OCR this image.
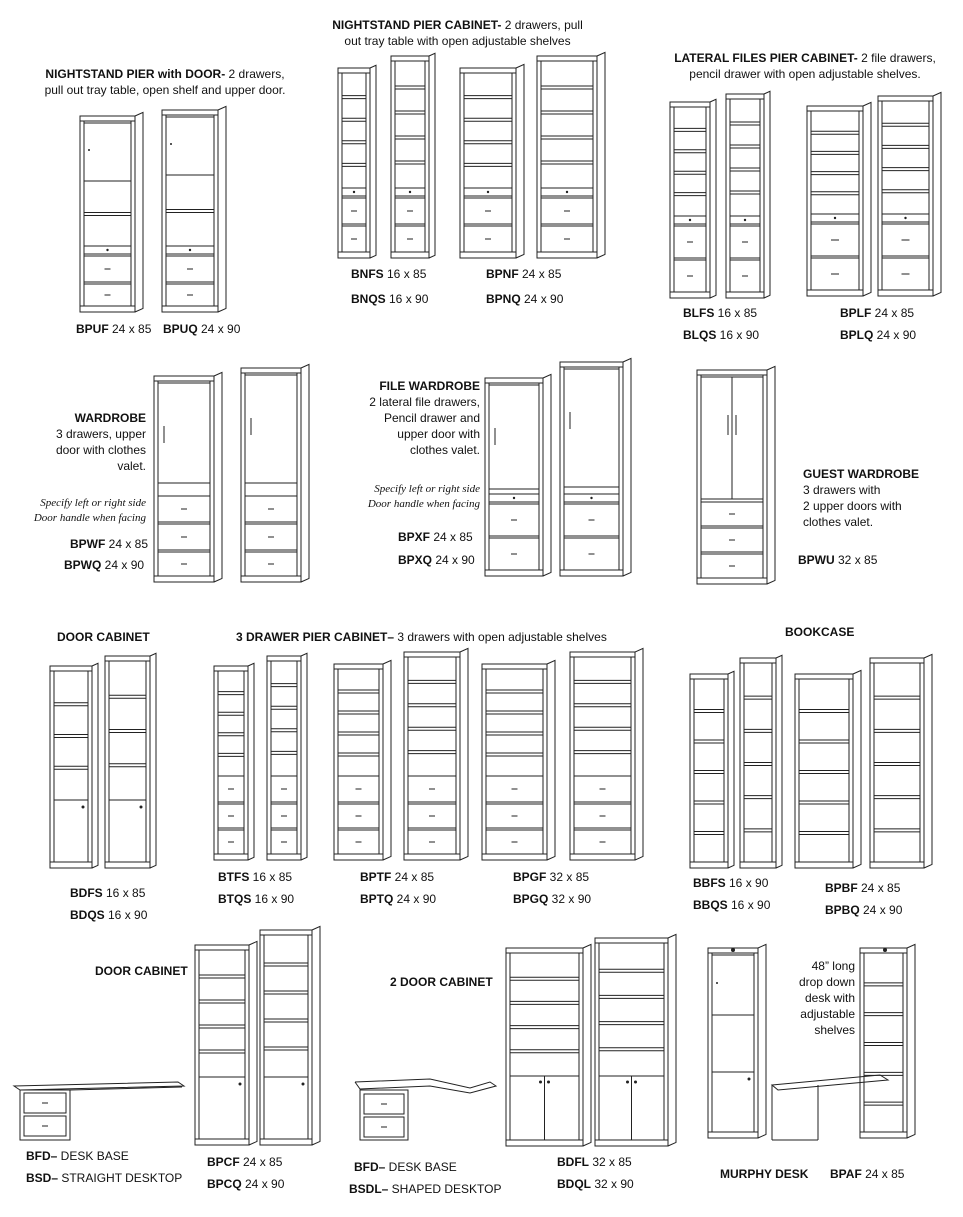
NIGHTSTAND PIER with DOOR- 2 drawers,
pull out tray table, open shelf and upper door.
BPUF 24 x 85 BPUQ 24 x 90
NIGHTSTAND PIER CABINET- 2 drawers, pull
out tray table with open adjustable shelves
BNFS 16 x 85
BNQS 16 x 90
BPNF 24 x 85
BPNQ 24 x 90
LATERAL FILES PIER CABINET- 2 file drawers,
pencil drawer with open adjustable shelves.
BLFS 16 x 85
BLQS 16 x 90
BPLF 24 x 85
BPLQ 24 x 90
WARDROBE
3 drawers, upper
door with clothes
valet.
Specify left or right side
Door handle when facing
BPWF 24 x 85
BPWQ 24 x 90
FILE WARDROBE
2 lateral file drawers,
Pencil drawer and
upper door with
clothes valet.
Specify left or right side
Door handle when facing
BPXF 24 x 85
BPXQ 24 x 90
GUEST WARDROBE
3 drawers with
2 upper doors with
clothes valet.
BPWU 32 x 85
DOOR CABINET
BDFS 16 x 85
BDQS 16 x 90
3 DRAWER PIER CABINET– 3 drawers with open adjustable shelves
BTFS 16 x 85
BTQS 16 x 90
BPTF 24 x 85
BPTQ 24 x 90
BPGF 32 x 85
BPGQ 32 x 90
BOOKCASE
BBFS 16 x 90
BBQS 16 x 90
BPBF 24 x 85
BPBQ 24 x 90
DOOR CABINET
BFD– DESK BASE
BSD– STRAIGHT DESKTOP
BPCF 24 x 85
BPCQ 24 x 90
2 DOOR CABINET
BFD– DESK BASE
BSDL– SHAPED DESKTOP
BDFL 32 x 85
BDQL 32 x 90
48” long
drop down
desk with
adjustable
shelves
MURPHY DESK BPAF 24 x 85
